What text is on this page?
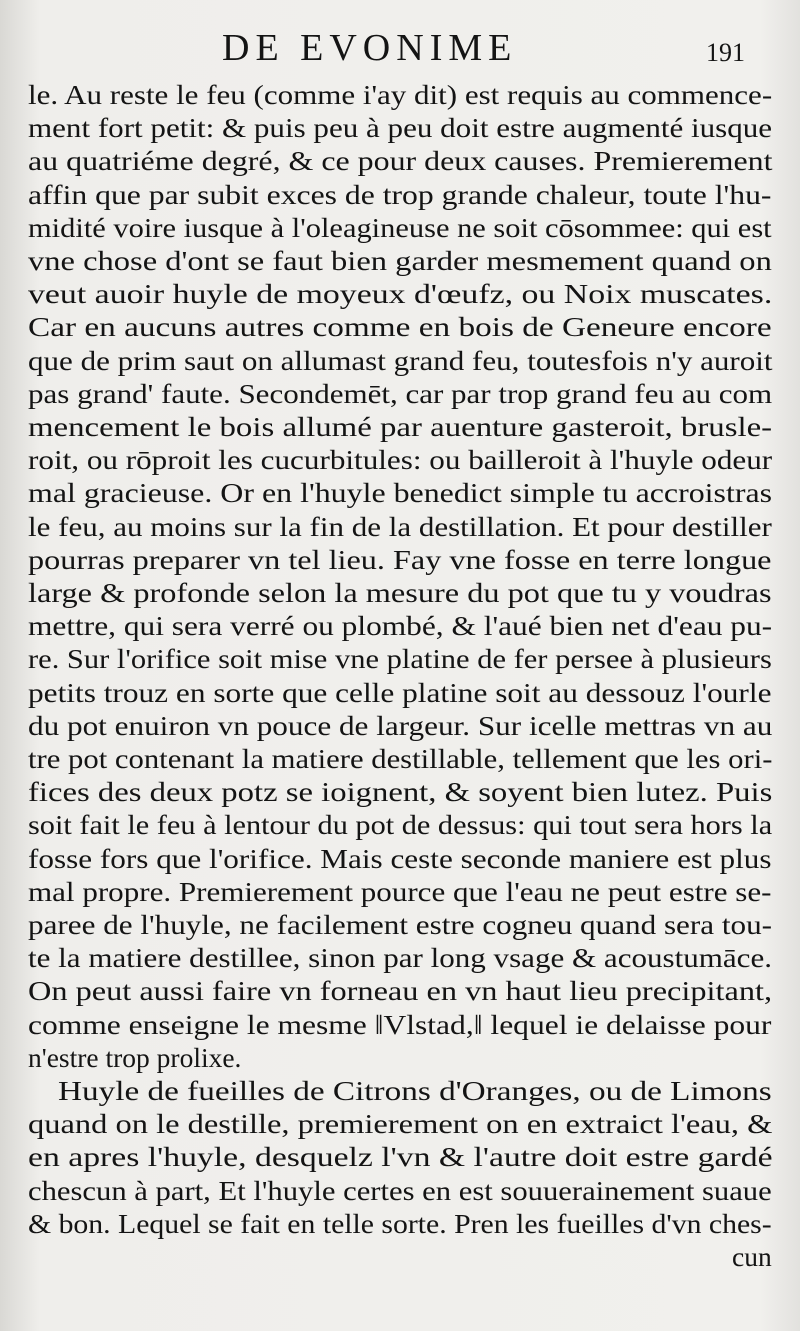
DE EVONIME	191
le. Au reste le feu (comme i'ay dit) est requis au commence-
ment fort petit: & puis peu à peu doit estre augmenté iusque
au quatriéme degré, & ce pour deux causes. Premierement
affin que par subit exces de trop grande chaleur, toute l'hu-
midité voire iusque à l'oleagineuse ne soit cōsommee: qui est
vne chose d'ont se faut bien garder mesmement quand on
veut auoir huyle de moyeux d'œufz, ou Noix muscates.
Car en aucuns autres comme en bois de Geneure encore
que de prim saut on allumast grand feu, toutesfois n'y auroit
pas grand' faute. Secondemēt, car par trop grand feu au com
mencement le bois allumé par auenture gasteroit, brusle-
roit, ou rōproit les cucurbitules: ou bailleroit à l'huyle odeur
mal gracieuse. Or en l'huyle benedict simple tu accroistras
le feu, au moins sur la fin de la destillation. Et pour destiller
pourras preparer vn tel lieu. Fay vne fosse en terre longue
large & profonde selon la mesure du pot que tu y voudras
mettre, qui sera verré ou plombé, & l'aué bien net d'eau pu-
re. Sur l'orifice soit mise vne platine de fer persee à plusieurs
petits trouz en sorte que celle platine soit au dessouz l'ourle
du pot enuiron vn pouce de largeur. Sur icelle mettras vn au
tre pot contenant la matiere destillable, tellement que les ori-
fices des deux potz se ioignent, & soyent bien lutez. Puis
soit fait le feu à lentour du pot de dessus: qui tout sera hors la
fosse fors que l'orifice. Mais ceste seconde maniere est plus
mal propre. Premierement pource que l'eau ne peut estre se-
paree de l'huyle, ne facilement estre cogneu quand sera tou-
te la matiere destillee, sinon par long vsage & acoustumāce.
On peut aussi faire vn forneau en vn haut lieu precipitant,
comme enseigne le mesme ‖Vlstad,‖ lequel ie delaisse pour
n'estre trop prolixe.
Huyle de fueilles de Citrons d'Oranges, ou de Limons
quand on le destille, premierement on en extraict l'eau, &
en apres l'huyle, desquelz l'vn & l'autre doit estre gardé
chescun à part, Et l'huyle certes en est souuerainement suaue
& bon. Lequel se fait en telle sorte. Pren les fueilles d'vn ches-
cun
